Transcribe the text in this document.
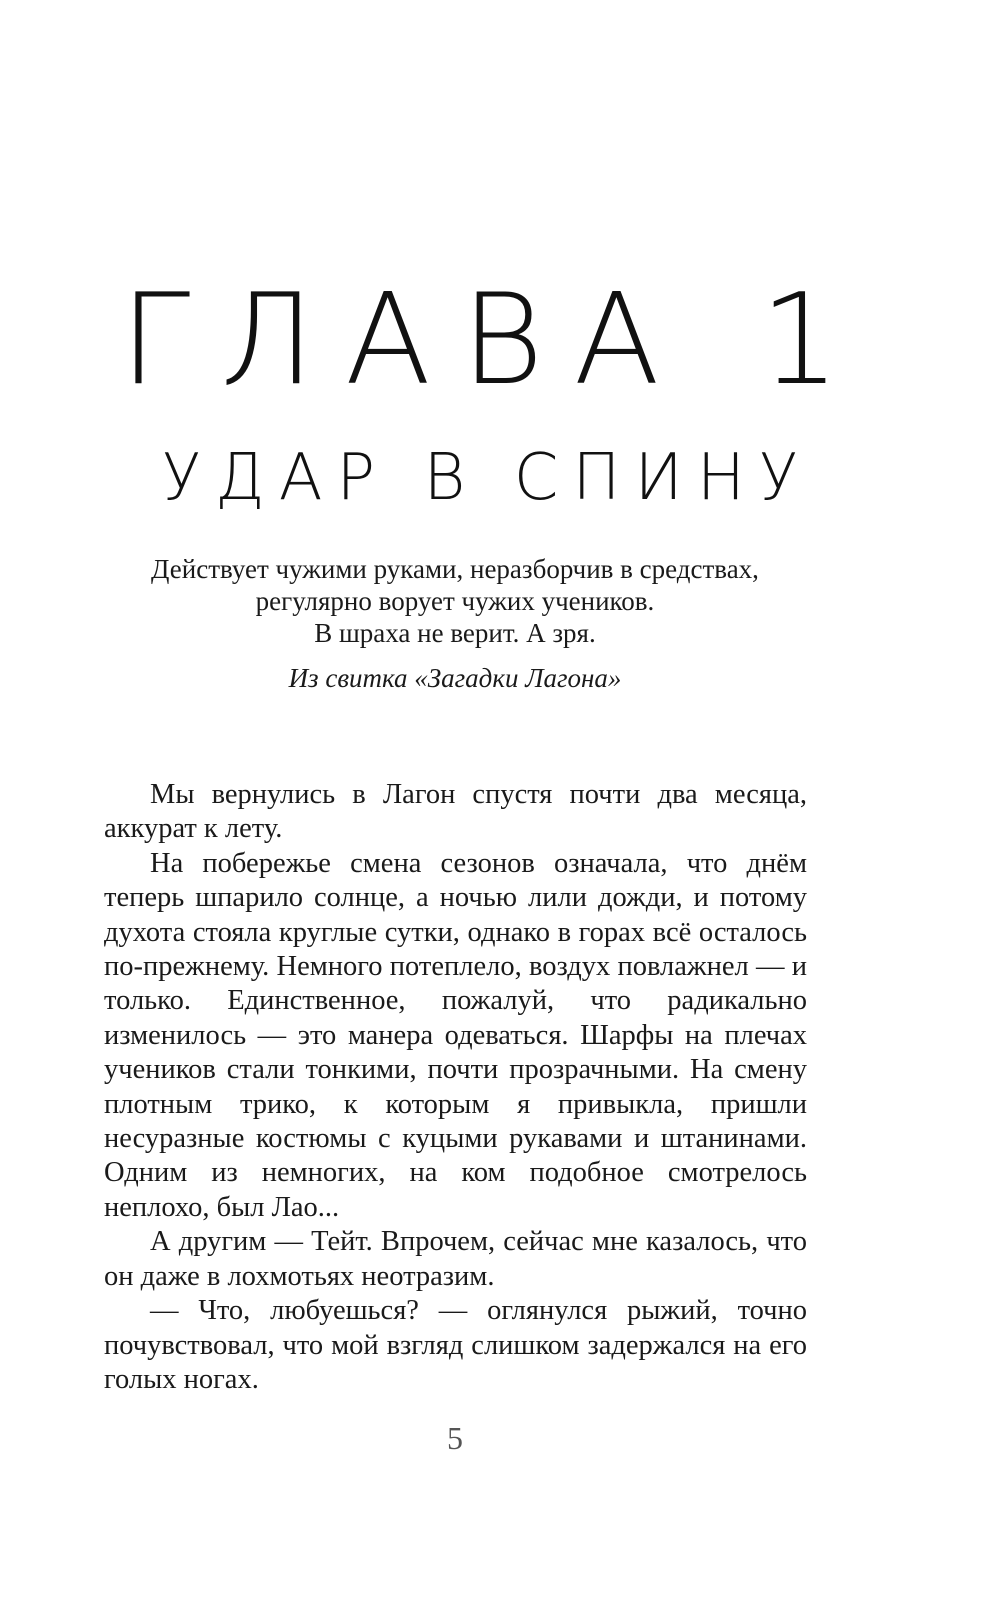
ГЛАВА 1
УДАР В СПИНУ

Действует чужими руками, неразборчив в средствах,

регулярно ворует чужих учеников.

В шраха не верит. А зря.

Из свитка «Загадки Лагона»

Мы вернулись в Лагон спустя почти два месяца, аккурат к лету.

На побережье смена сезонов означала, что днём теперь шпарило солнце, а ночью лили дожди, и потому духота стояла круглые сутки, однако в горах всё осталось по-прежнему. Немного потеплело, воздух повлажнел — и только. Единственное, пожалуй, что радикально изменилось — это манера одеваться. Шарфы на плечах учеников стали тонкими, почти прозрачными. На смену плотным трико, к которым я привыкла, пришли несуразные костюмы с куцыми рукавами и штанинами. Одним из немногих, на ком подобное смотрелось неплохо, был Лао...

А другим — Тейт. Впрочем, сейчас мне казалось, что он даже в лохмотьях неотразим.

— Что, любуешься? — оглянулся рыжий, точно почувствовал, что мой взгляд слишком задержался на его голых ногах.

5
